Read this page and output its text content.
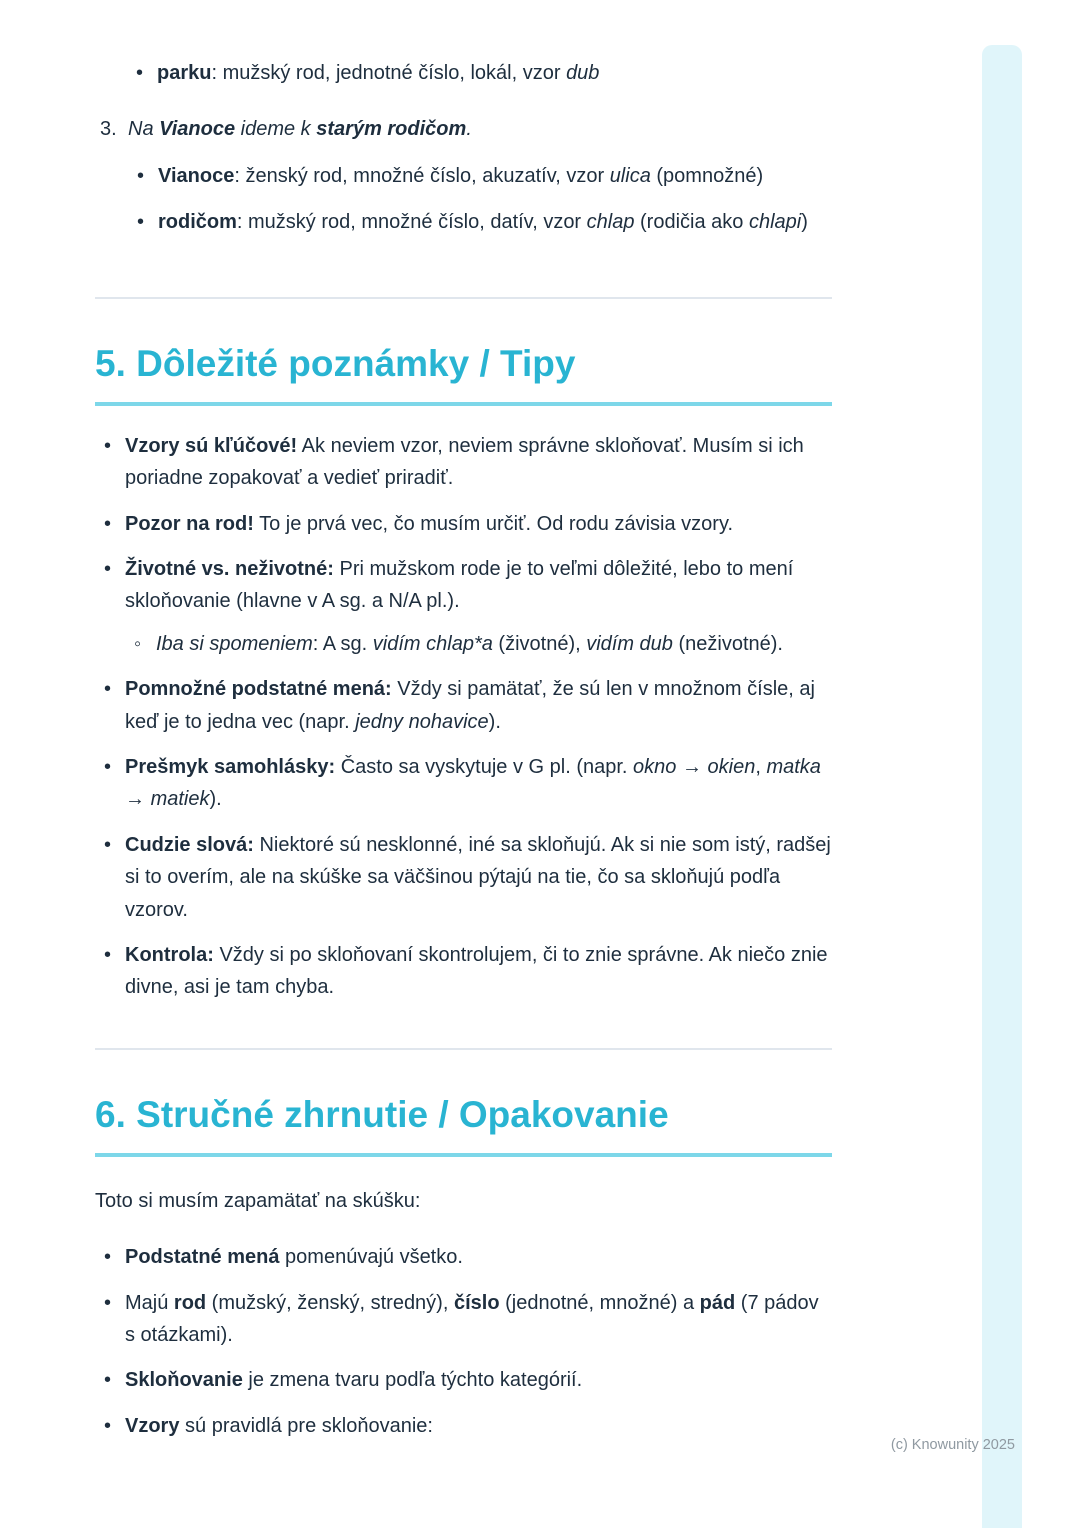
• parku: mužský rod, jednotné číslo, lokál, vzor dub
3. Na Vianoce ideme k starým rodičom.

• Vianoce: ženský rod, množné číslo, akuzatív, vzor ulica (pomnožné)
• rodičom: mužský rod, množné číslo, datív, vzor chlap (rodičia ako chlapi)
5. Dôležité poznámky / Tipy
• Vzory sú kľúčové! Ak neviem vzor, neviem správne skloňovať. Musím si ich poriadne zopakovať a vedieť priradiť.
• Pozor na rod! To je prvá vec, čo musím určiť. Od rodu závisia vzory.
• Životné vs. neživotné: Pri mužskom rode je to veľmi dôležité, lebo to mení skloňovanie (hlavne v A sg. a N/A pl.).
◦ Iba si spomeniem: A sg. vidím chlap*a (životné), vidím dub (neživotné).
• Pomnožné podstatné mená: Vždy si pamätať, že sú len v množnom čísle, aj keď je to jedna vec (napr. jedny nohavice).
• Prešmyk samohlásky: Často sa vyskytuje v G pl. (napr. okno → okien, matka → matiek).
• Cudzie slová: Niektoré sú nesklonné, iné sa skloňujú. Ak si nie som istý, radšej si to overím, ale na skúške sa väčšinou pýtajú na tie, čo sa skloňujú podľa vzorov.
• Kontrola: Vždy si po skloňovaní skontrolujem, či to znie správne. Ak niečo znie divne, asi je tam chyba.
6. Stručné zhrnutie / Opakovanie

Toto si musím zapamätať na skúšku:

• Podstatné mená pomenúvajú všetko.
• Majú rod (mužský, ženský, stredný), číslo (jednotné, množné) a pád (7 pádov s otázkami).
• Skloňovanie je zmena tvaru podľa týchto kategórií.
• Vzory sú pravidlá pre skloňovanie:
(c) Knowunity 2025
